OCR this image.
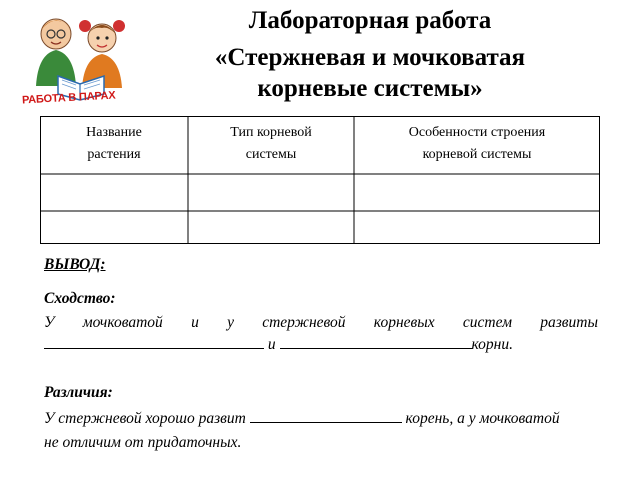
РАБОТА В ПАРАХ
Лабораторная работа
«Стержневая и мочковатая
корневые системы»
Название
растения
Тип корневой
системы
Особенности строения
корневой системы
ВЫВОД:
Сходство:
У мочковатой и у стержневой корневых систем развиты
и	корни.
Различия:
У стержневой хорошо развит	корень, а у мочковатой
не отличим от придаточных.
